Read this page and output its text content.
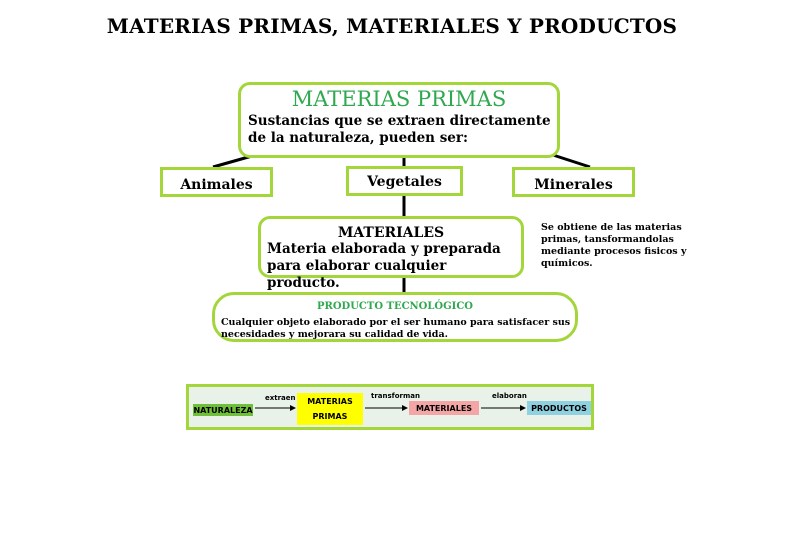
MATERIAS PRIMAS, MATERIALES Y PRODUCTOS
MATERIAS PRIMAS
Sustancias que se extraen directamente
de la naturaleza, pueden ser:
Animales	Vegetales	Minerales
MATERIALES
Materia elaborada y preparada
para elaborar cualquier producto.
Se obtiene de las materias
primas, tansformandolas
mediante procesos fisicos y
químicos.
PRODUCTO TECNOLÓGICO
Cualquier objeto elaborado por el ser humano para satisfacer sus
necesidades y mejorara su calidad de vida.
NATURALEZA
extraen MATERIAS
PRIMAS
transforman
MATERIALES
elaboran
PRODUCTOS
